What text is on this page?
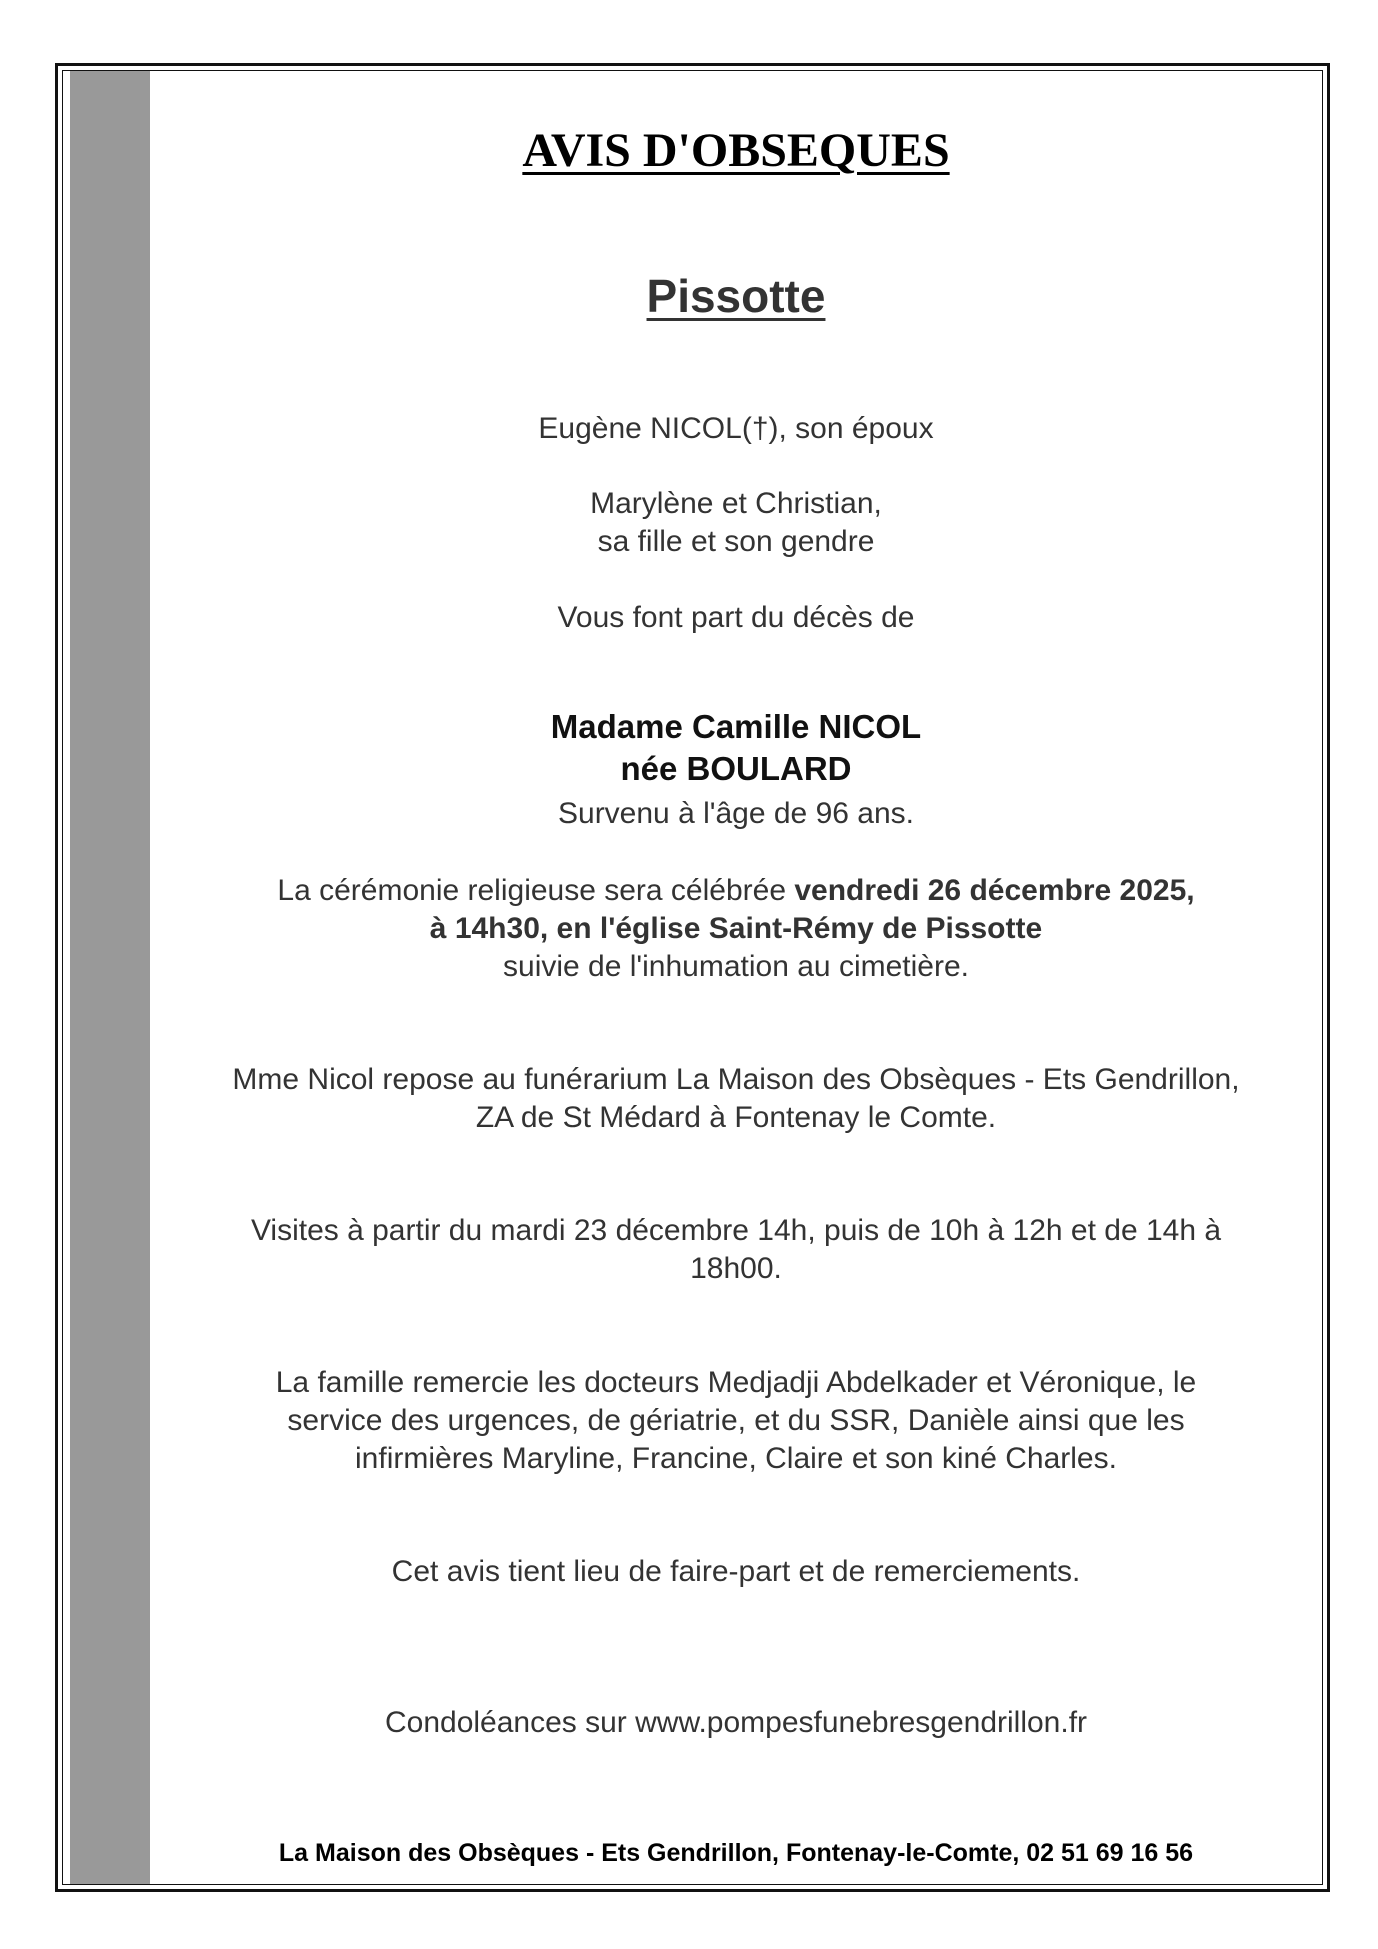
AVIS D'OBSEQUES
Pissotte
Eugène NICOL(†), son époux
Marylène et Christian,
sa fille et son gendre
Vous font part du décès de
Madame Camille NICOL
née BOULARD
Survenu à l'âge de 96 ans.
La cérémonie religieuse sera célébrée vendredi 26 décembre 2025,
à 14h30, en l'église Saint-Rémy de Pissotte
suivie de l'inhumation au cimetière.
Mme Nicol repose au funérarium La Maison des Obsèques - Ets Gendrillon,
ZA de St Médard à Fontenay le Comte.
Visites à partir du mardi 23 décembre 14h, puis de 10h à 12h et de 14h à
18h00.
La famille remercie les docteurs Medjadji Abdelkader et Véronique, le
service des urgences, de gériatrie, et du SSR, Danièle ainsi que les
infirmières Maryline, Francine, Claire et son kiné Charles.
Cet avis tient lieu de faire-part et de remerciements.
Condoléances sur www.pompesfunebresgendrillon.fr
La Maison des Obsèques - Ets Gendrillon, Fontenay-le-Comte, 02 51 69 16 56
